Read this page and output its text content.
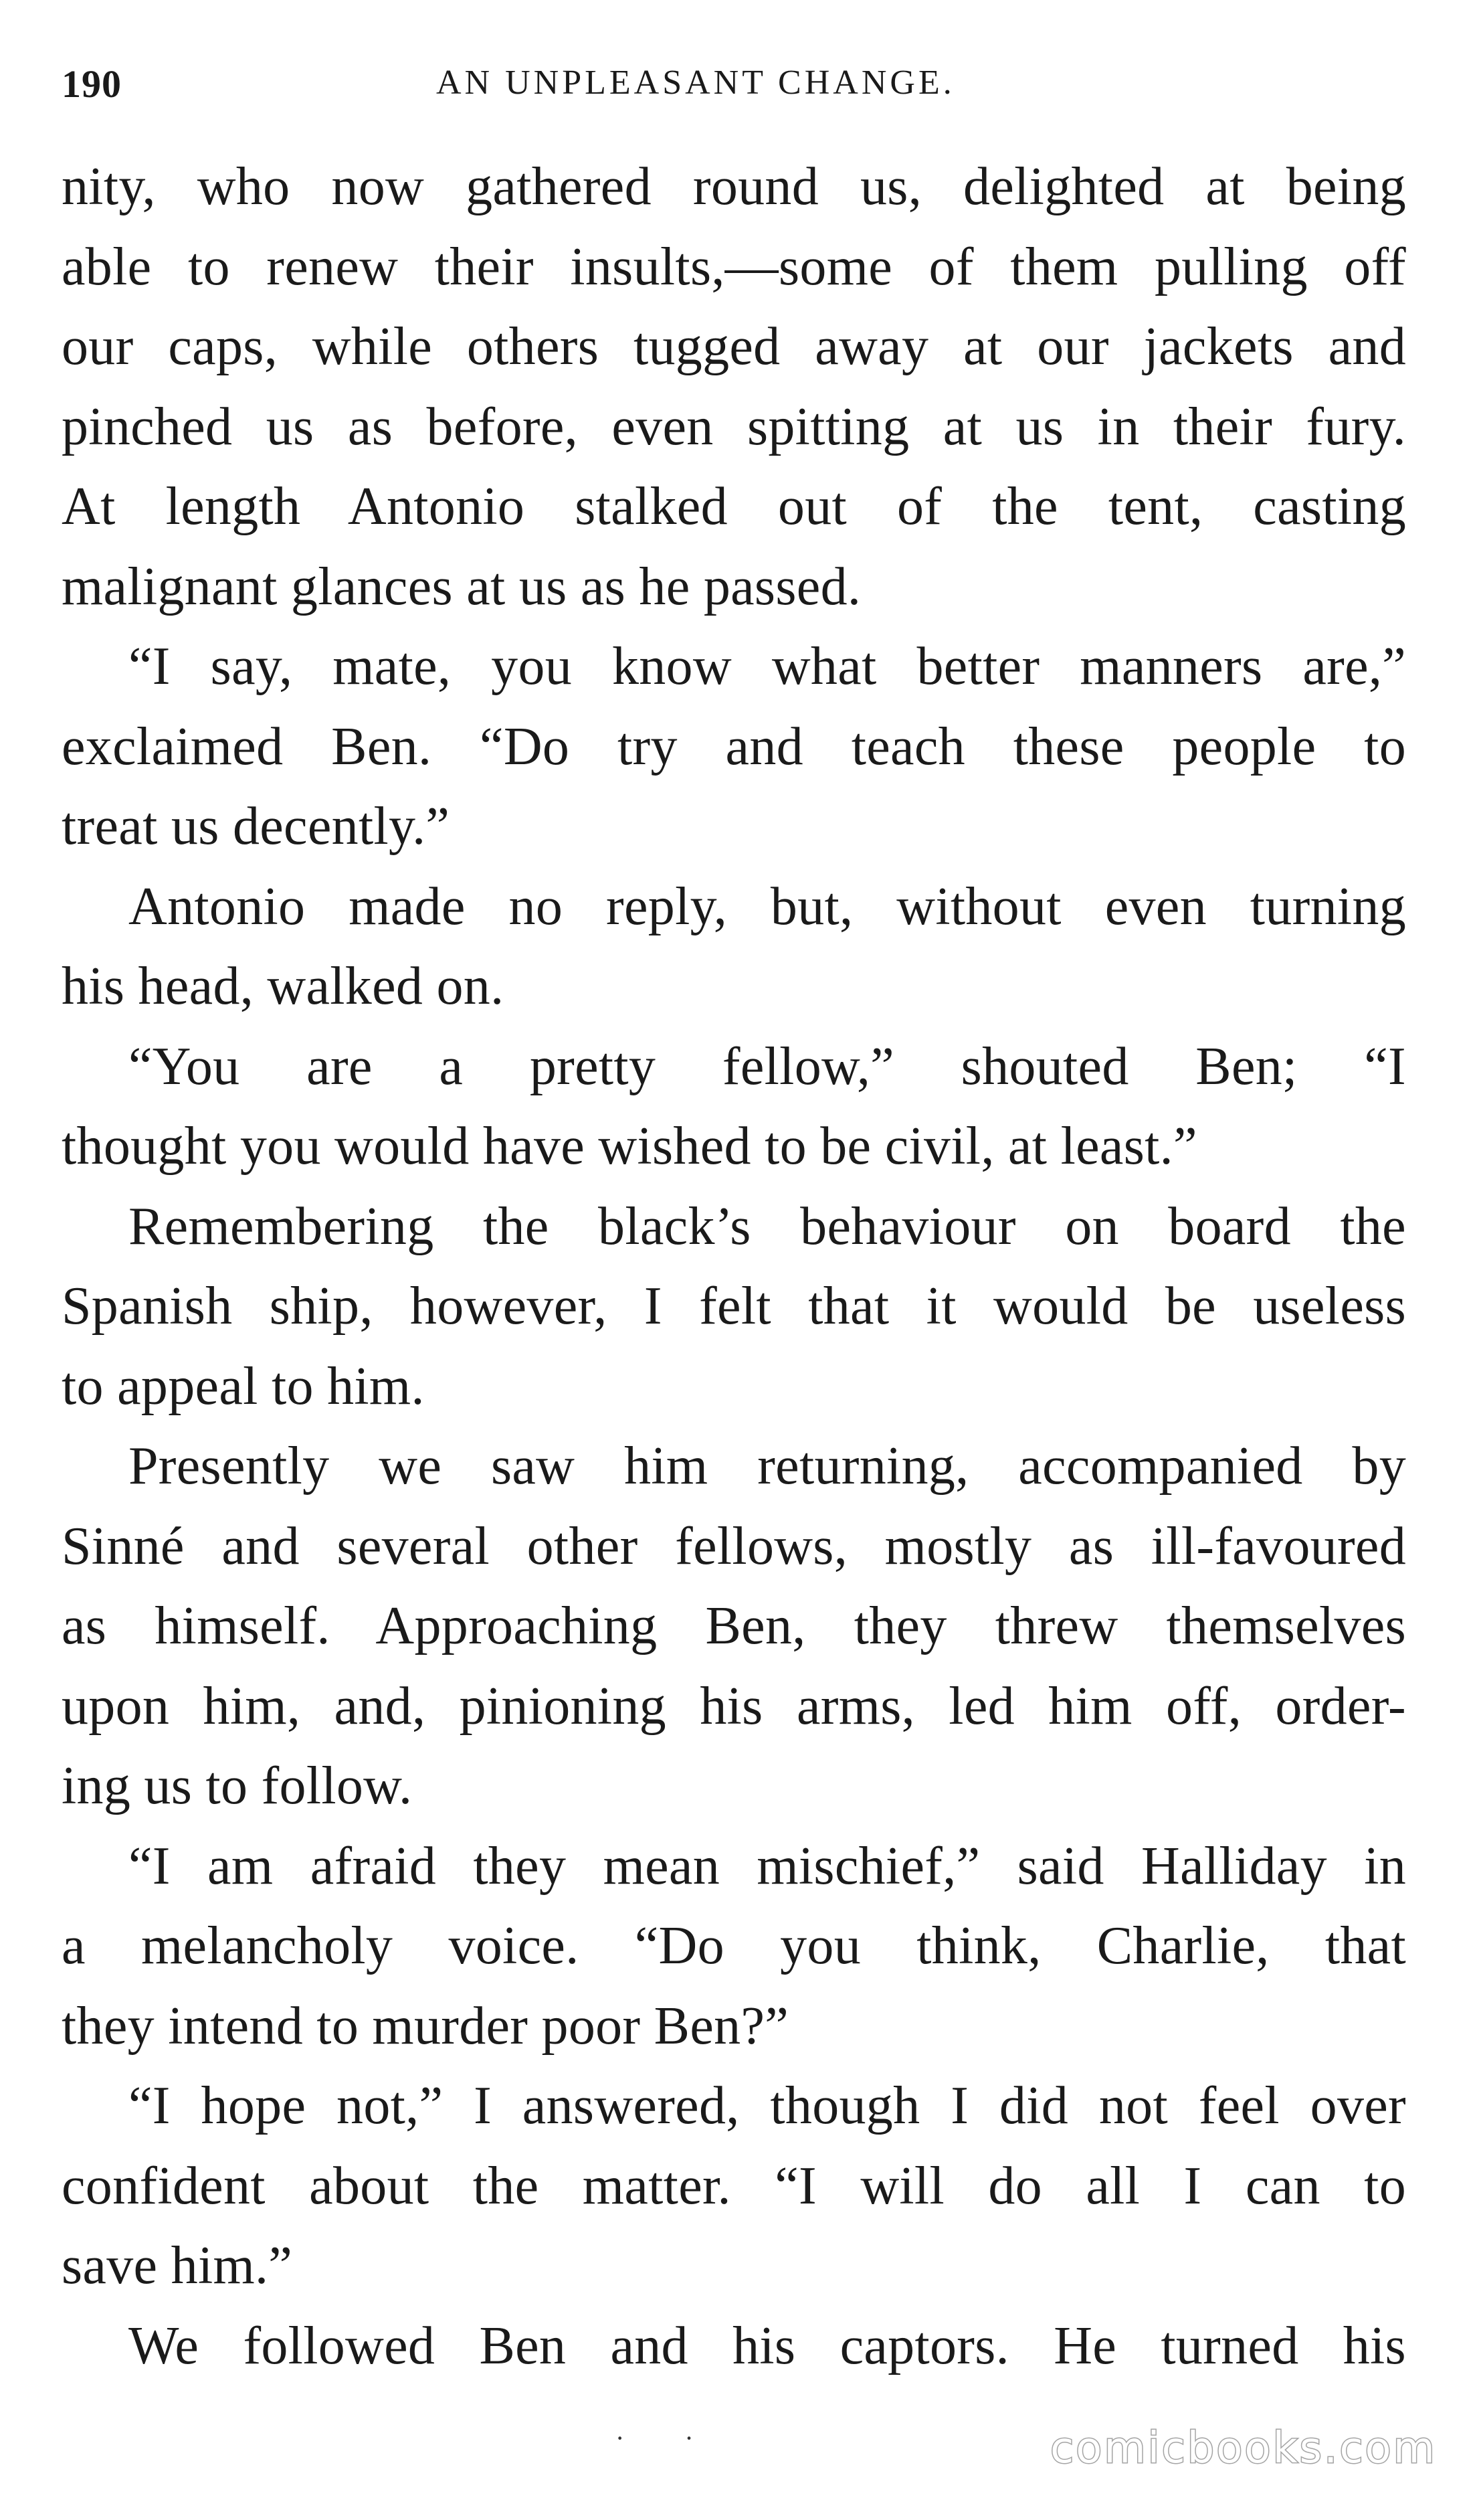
190	AN UNPLEASANT CHANGE.
nity, who now gathered round us, delighted at being
able to renew their insults,—some of them pulling off
our caps, while others tugged away at our jackets and
pinched us as before, even spitting at us in their fury.
At length Antonio stalked out of the tent, casting
malignant glances at us as he passed.
“I say, mate, you know what better manners are,”
exclaimed Ben. “Do try and teach these people to
treat us decently.”
Antonio made no reply, but, without even turning
his head, walked on.
“You are a pretty fellow,” shouted Ben; “I
thought you would have wished to be civil, at least.”
Remembering the black’s behaviour on board the
Spanish ship, however, I felt that it would be useless
to appeal to him.
Presently we saw him returning, accompanied by
Sinné and several other fellows, mostly as ill-favoured
as himself. Approaching Ben, they threw themselves
upon him, and, pinioning his arms, led him off, order-
ing us to follow.
“I am afraid they mean mischief,” said Halliday in
a melancholy voice. “Do you think, Charlie, that
they intend to murder poor Ben?”
“I hope not,” I answered, though I did not feel over
confident about the matter. “I will do all I can to
save him.”
We followed Ben and his captors. He turned his
· ·	comicbooks.com
